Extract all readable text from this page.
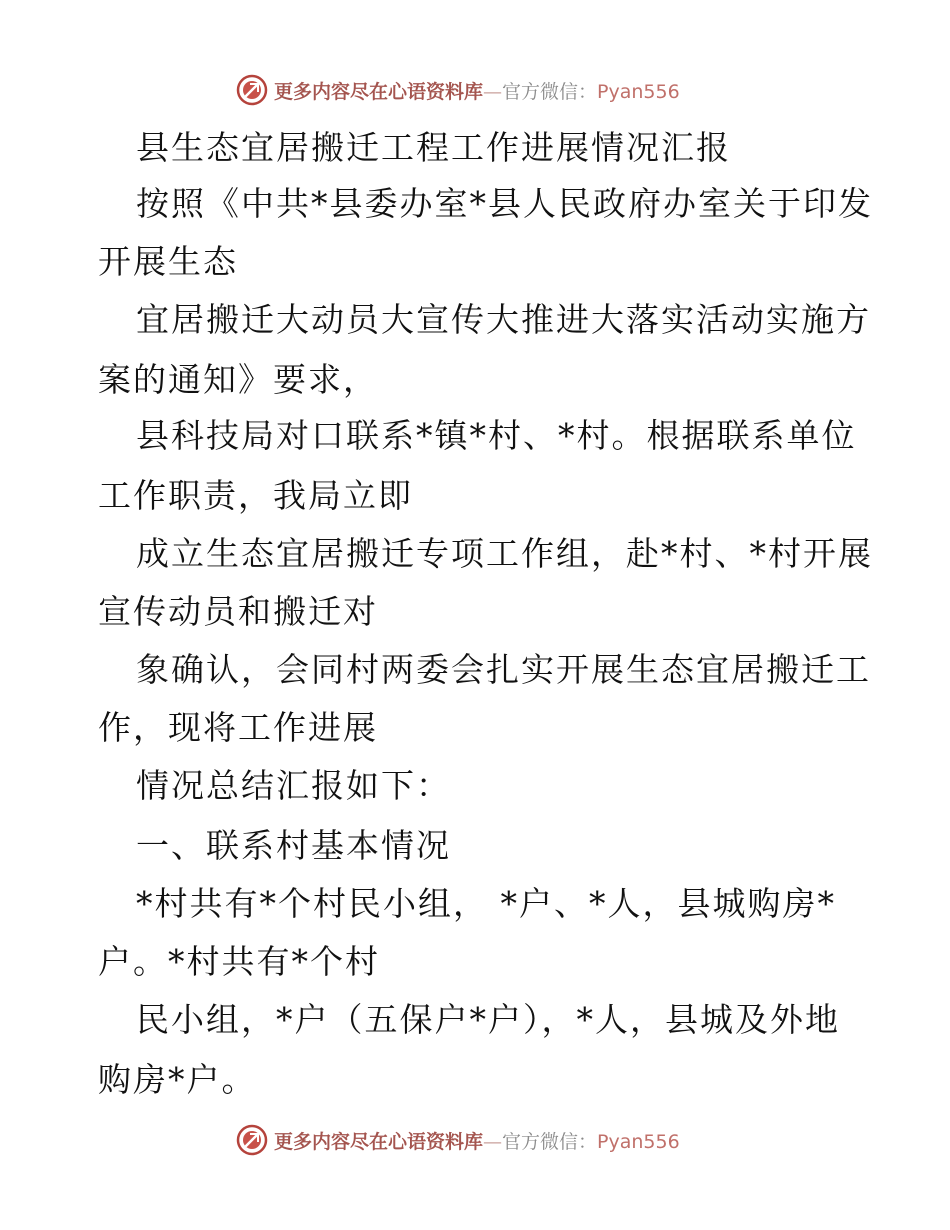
更多内容尽在心语资料库—官方微信：Pyan556
县生态宜居搬迁工程工作进展情况汇报
按照《中共*县委办室*县人民政府办室关于印发
开展生态
宜居搬迁大动员大宣传大推进大落实活动实施方
案的通知》要求，
县科技局对口联系*镇*村、*村。根据联系单位
工作职责，我局立即
成立生态宜居搬迁专项工作组，赴*村、*村开展
宣传动员和搬迁对
象确认，会同村两委会扎实开展生态宜居搬迁工
作，现将工作进展
情况总结汇报如下：
一、联系村基本情况
*村共有*个村民小组， *户、*人，县城购房*
户。*村共有*个村
民小组，*户（五保户*户），*人，县城及外地
购房*户。
更多内容尽在心语资料库—官方微信：Pyan556
